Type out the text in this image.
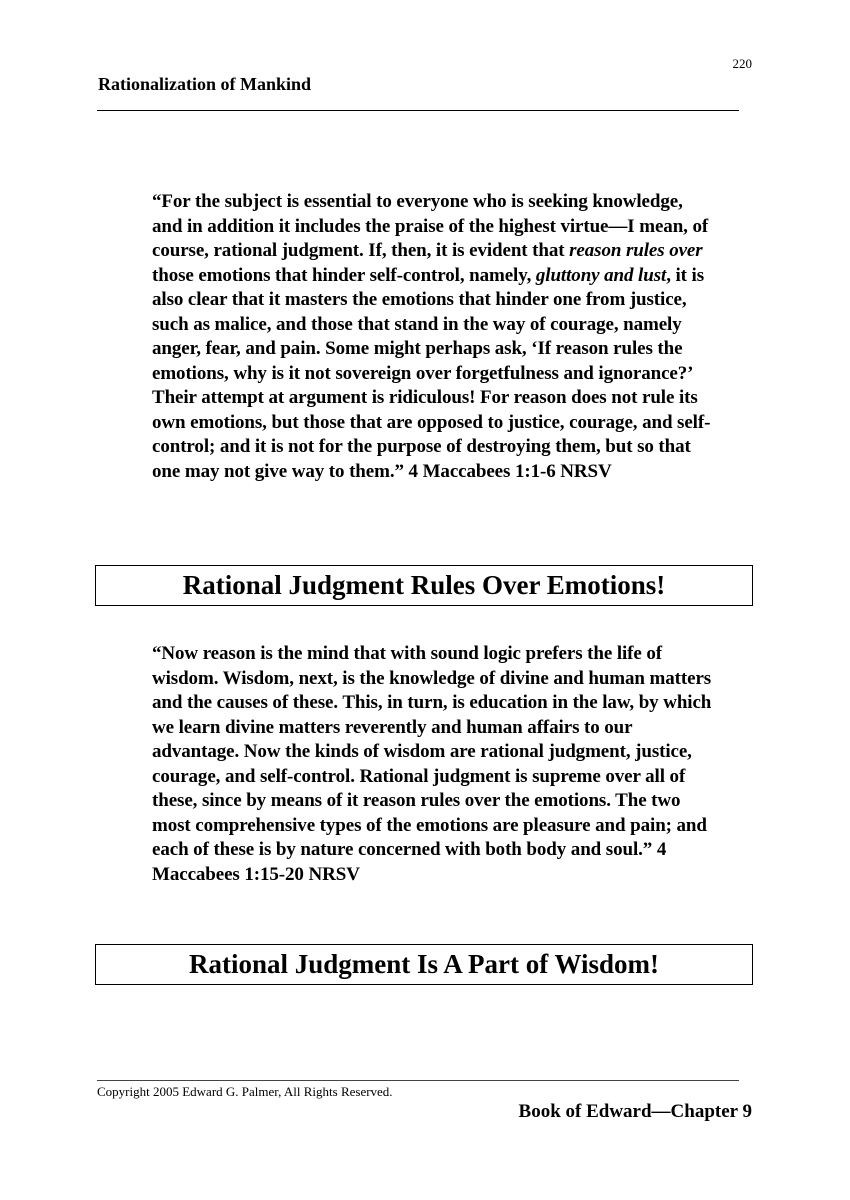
220
Rationalization of Mankind

“For the subject is essential to everyone who is seeking knowledge, and in addition it includes the praise of the highest virtue—I mean, of course, rational judgment. If, then, it is evident that reason rules over those emotions that hinder self-control, namely, gluttony and lust, it is also clear that it masters the emotions that hinder one from justice, such as malice, and those that stand in the way of courage, namely anger, fear, and pain. Some might perhaps ask, ‘If reason rules the emotions, why is it not sovereign over forgetfulness and ignorance?’ Their attempt at argument is ridiculous! For reason does not rule its own emotions, but those that are opposed to justice, courage, and self-control; and it is not for the purpose of destroying them, but so that one may not give way to them.” 4 Maccabees 1:1-6 NRSV

Rational Judgment Rules Over Emotions!

“Now reason is the mind that with sound logic prefers the life of wisdom. Wisdom, next, is the knowledge of divine and human matters and the causes of these. This, in turn, is education in the law, by which we learn divine matters reverently and human affairs to our advantage. Now the kinds of wisdom are rational judgment, justice, courage, and self-control. Rational judgment is supreme over all of these, since by means of it reason rules over the emotions. The two most comprehensive types of the emotions are pleasure and pain; and each of these is by nature concerned with both body and soul.” 4 Maccabees 1:15-20 NRSV

Rational Judgment Is A Part of Wisdom!
Copyright 2005 Edward G. Palmer, All Rights Reserved.
Book of Edward—Chapter 9
